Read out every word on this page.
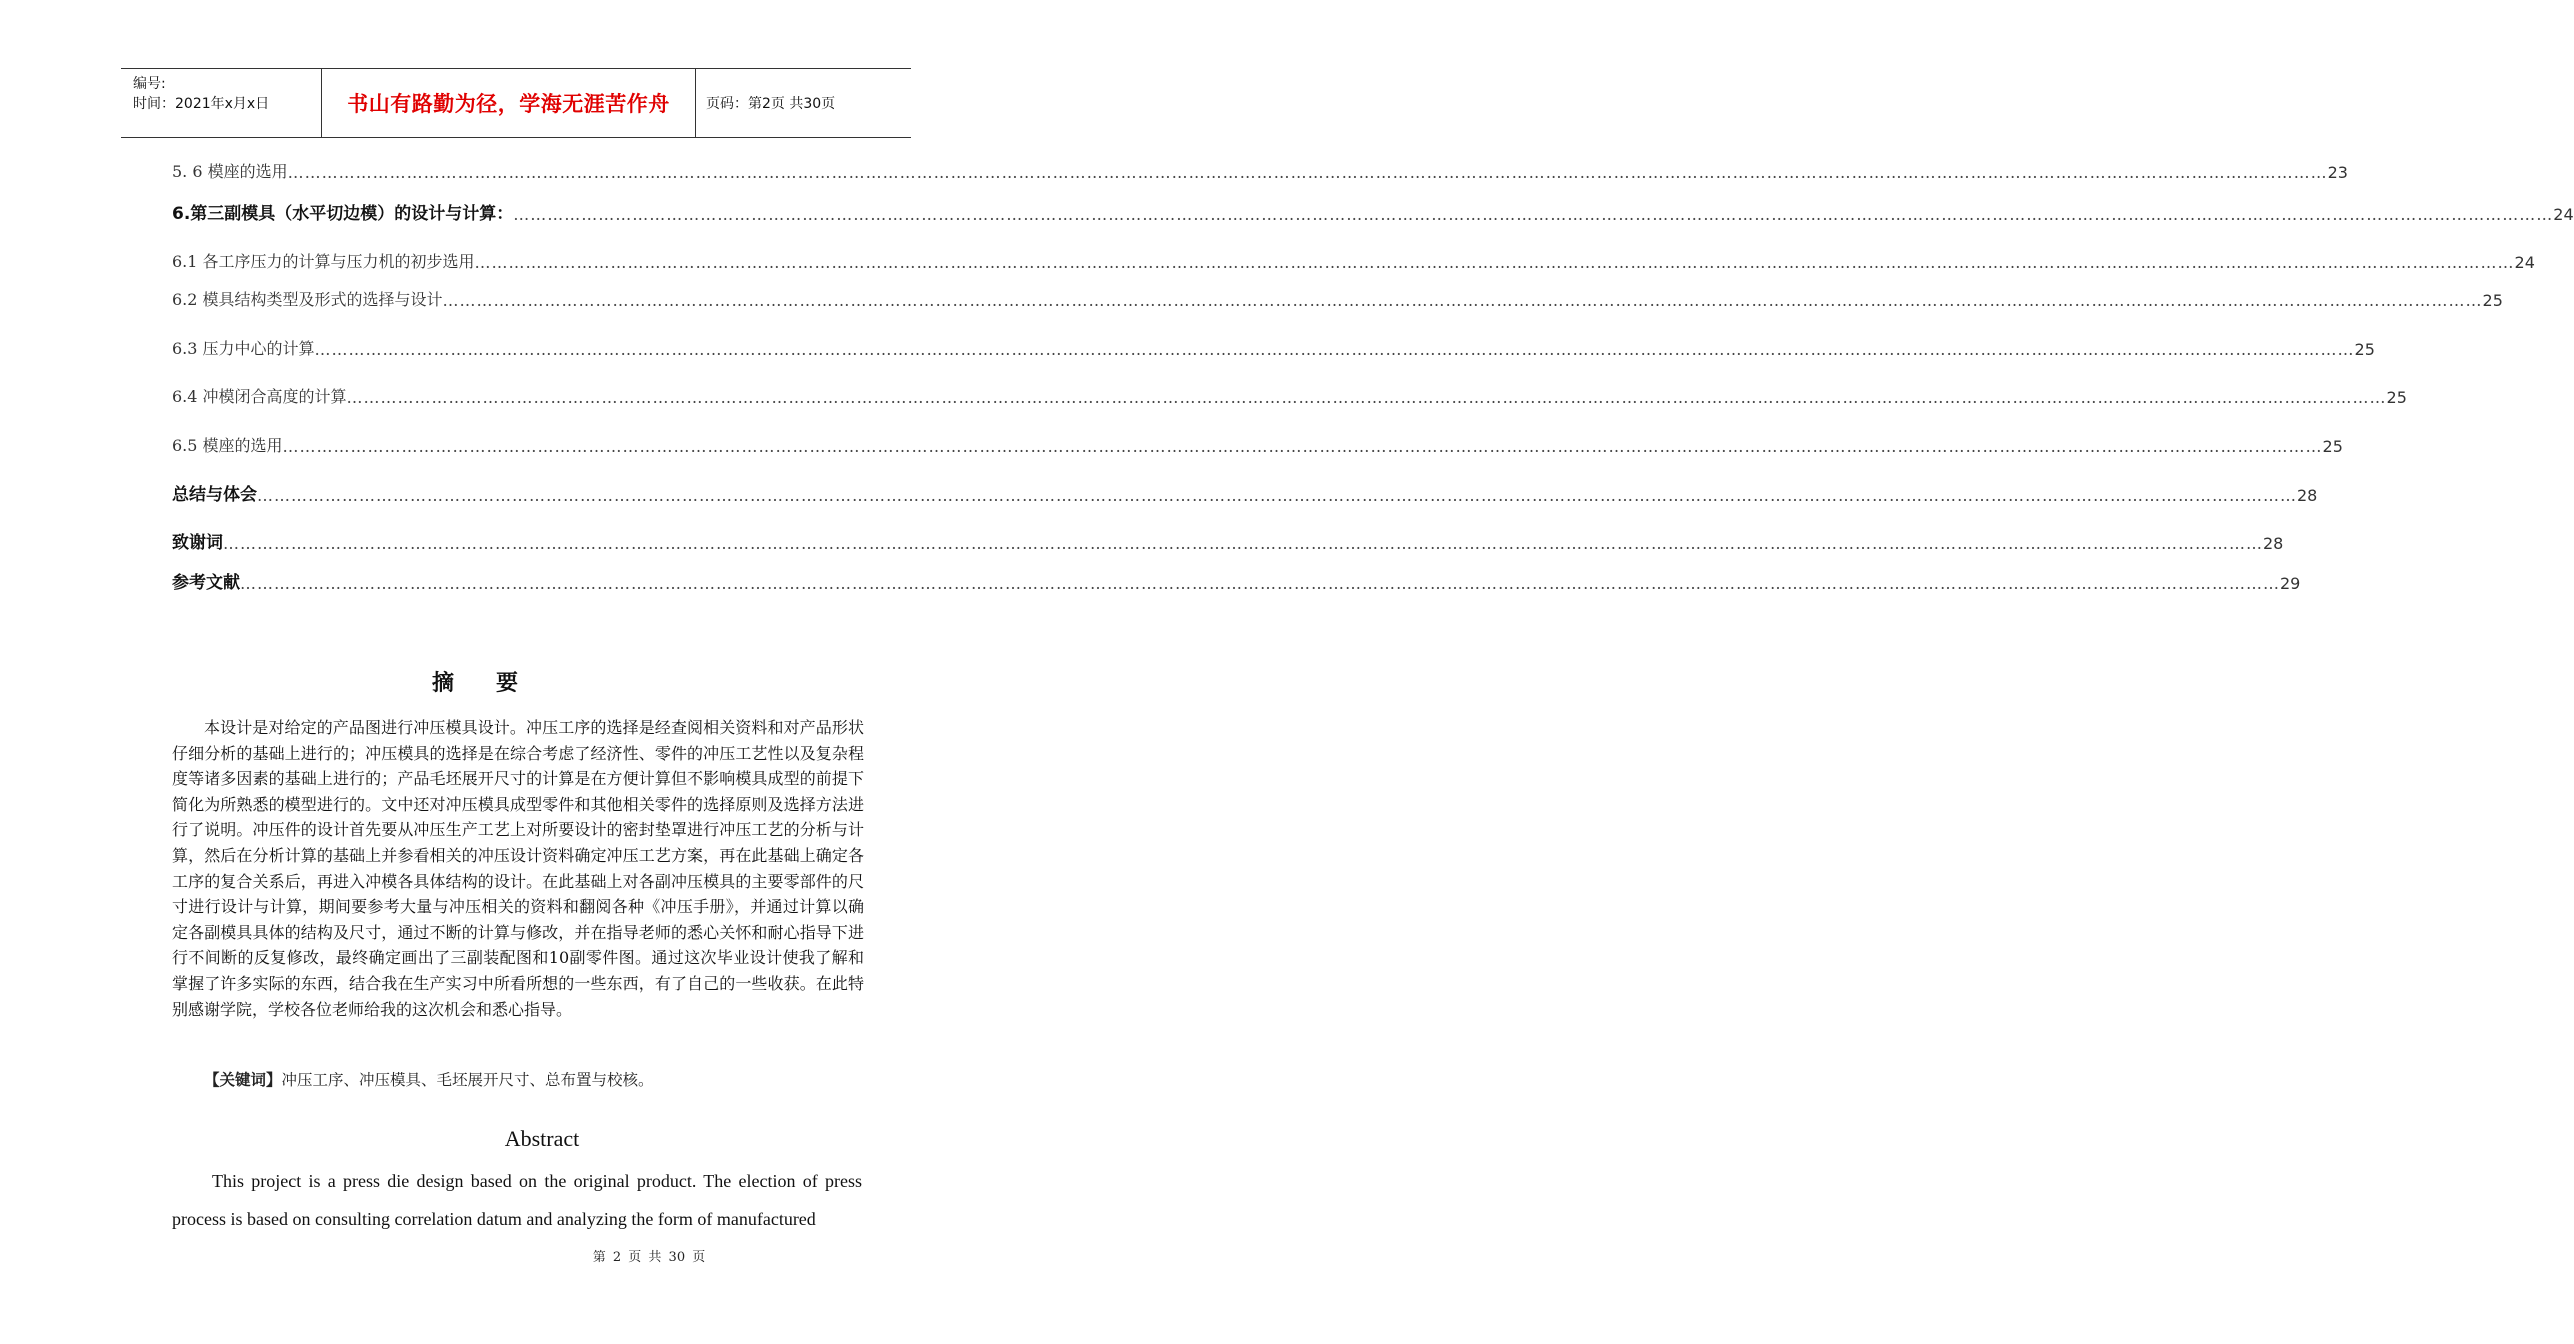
编号:
时间：2021年x月x日	书山有路勤为径，学海无涯苦作舟	页码：第2页 共30页
5. 6 模座的选用 ……………………………………………………………………………………………………………………………………………………………………………………………………………………………………………………………………………………………………………………………… 23
6.第三副模具（水平切边模）的设计与计算： ……………………………………………………………………………………………………………………………………………………………………………………………………………………………………………………………………………………………………………………………… 24
6.1 各工序压力的计算与压力机的初步选用 ……………………………………………………………………………………………………………………………………………………………………………………………………………………………………………………………………………………………………………………………… 24
6.2 模具结构类型及形式的选择与设计 ……………………………………………………………………………………………………………………………………………………………………………………………………………………………………………………………………………………………………………………………… 25
6.3 压力中心的计算 ……………………………………………………………………………………………………………………………………………………………………………………………………………………………………………………………………………………………………………………………… 25
6.4 冲模闭合高度的计算 ……………………………………………………………………………………………………………………………………………………………………………………………………………………………………………………………………………………………………………………………… 25
6.5 模座的选用 ……………………………………………………………………………………………………………………………………………………………………………………………………………………………………………………………………………………………………………………………… 25
总结与体会 ……………………………………………………………………………………………………………………………………………………………………………………………………………………………………………………………………………………………………………………………… 28
致谢词 ……………………………………………………………………………………………………………………………………………………………………………………………………………………………………………………………………………………………………………………………… 28
参考文献 ……………………………………………………………………………………………………………………………………………………………………………………………………………………………………………………………………………………………………………………………… 29
摘要

本设计是对给定的产品图进行冲压模具设计。冲压工序的选择是经查阅相关资料和对产品形状仔细分析的基础上进行的；冲压模具的选择是在综合考虑了经济性、零件的冲压工艺性以及复杂程度等诸多因素的基础上进行的；产品毛坯展开尺寸的计算是在方便计算但不影响模具成型的前提下简化为所熟悉的模型进行的。文中还对冲压模具成型零件和其他相关零件的选择原则及选择方法进行了说明。冲压件的设计首先要从冲压生产工艺上对所要设计的密封垫罩进行冲压工艺的分析与计算，然后在分析计算的基础上并参看相关的冲压设计资料确定冲压工艺方案，再在此基础上确定各工序的复合关系后，再进入冲模各具体结构的设计。在此基础上对各副冲压模具的主要零部件的尺寸进行设计与计算，期间要参考大量与冲压相关的资料和翻阅各种《冲压手册》，并通过计算以确定各副模具具体的结构及尺寸，通过不断的计算与修改，并在指导老师的悉心关怀和耐心指导下进行不间断的反复修改，最终确定画出了三副装配图和10副零件图。通过这次毕业设计使我了解和掌握了许多实际的东西，结合我在生产实习中所看所想的一些东西，有了自己的一些收获。在此特别感谢学院，学校各位老师给我的这次机会和悉心指导。

【关键词】冲压工序、冲压模具、毛坯展开尺寸、总布置与校核。
Abstract

This project is a press die design based on the original product. The election of press process is based on consulting correlation datum and analyzing the form of manufactured

第 2 页 共 30 页
